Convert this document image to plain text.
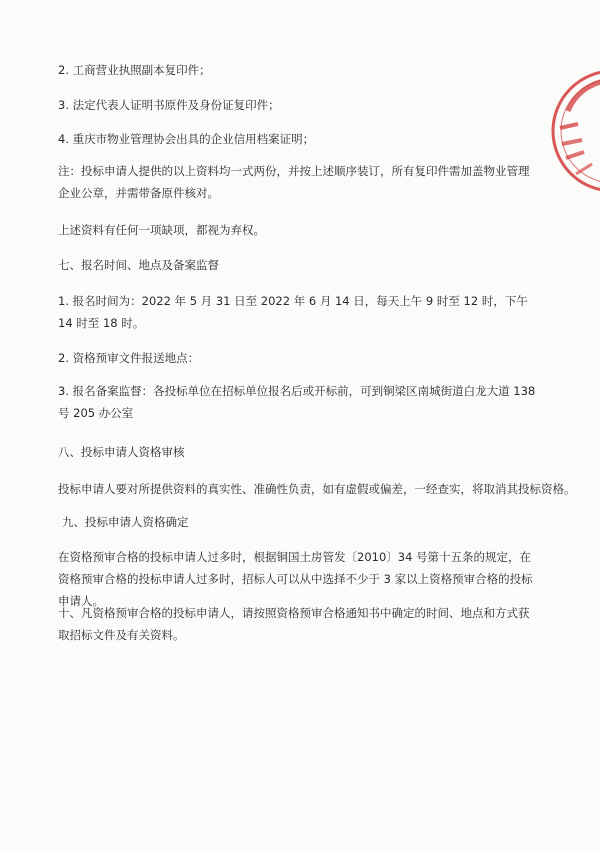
2. 工商营业执照副本复印件；
3. 法定代表人证明书原件及身份证复印件；
4. 重庆市物业管理协会出具的企业信用档案证明；
注：投标申请人提供的以上资料均一式两份，并按上述顺序装订，所有复印件需加盖物业管理企业公章，并需带备原件核对。
上述资料有任何一项缺项，都视为弃权。
七、报名时间、地点及备案监督
1. 报名时间为：2022 年 5 月 31 日至 2022 年 6 月 14 日，每天上午 9 时至 12 时，下午 14 时至 18 时。
2. 资格预审文件报送地点：
3. 报名备案监督：各投标单位在招标单位报名后或开标前，可到铜梁区南城街道白龙大道 138 号 205 办公室
八、投标申请人资格审核
投标申请人要对所提供资料的真实性、准确性负责，如有虚假或偏差，一经查实，将取消其投标资格。
九、投标申请人资格确定
在资格预审合格的投标申请人过多时，根据铜国土房管发〔2010〕34 号第十五条的规定，在资格预审合格的投标申请人过多时，招标人可以从中选择不少于 3 家以上资格预审合格的投标申请人。
十、凡资格预审合格的投标申请人，请按照资格预审合格通知书中确定的时间、地点和方式获取招标文件及有关资料。
